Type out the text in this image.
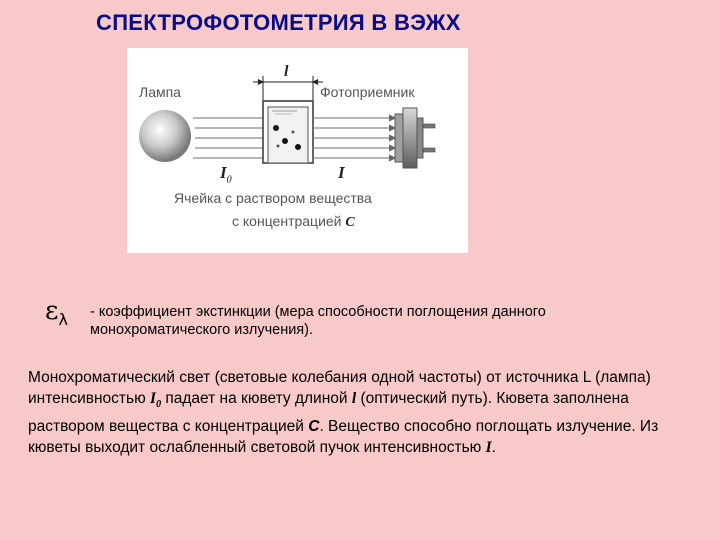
СПЕКТРОФОТОМЕТРИЯ В ВЭЖХ
Лампа	Фотоприемник
l
$I_0$	I
Ячейка с раствором вещества
с концентрацией C
$\varepsilon_\lambda$ - коэффициент экстинкции (мера способности поглощения данного монохроматического излучения).
Монохроматический свет (световые колебания одной частоты) от источника L (лампа) интенсивностью $I_0$ падает на кювету длиной l (оптический путь). Кювета заполнена раствором вещества с концентрацией С. Вещество способно поглощать излучение. Из кюветы выходит ослабленный световой пучок интенсивностью I.
